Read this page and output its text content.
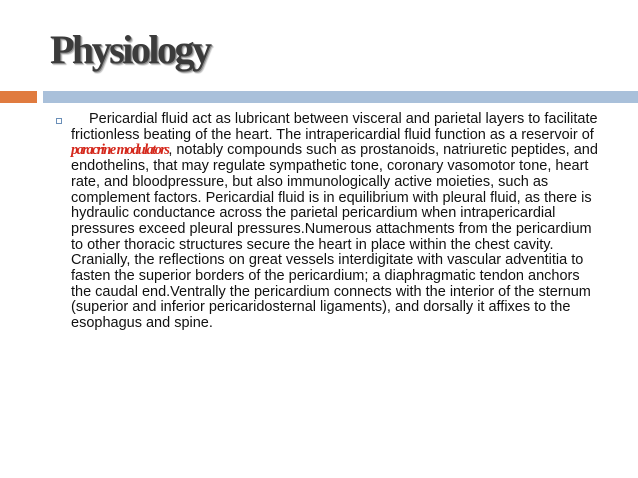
Physiology

Pericardial fluid act as lubricant between visceral and parietal layers to facilitate frictionless beating of the heart. The intrapericardial fluid function as a reservoir of paracrine modulators, notably compounds such as prostanoids, natriuretic peptides, and endothelins, that may regulate sympathetic tone, coronary vasomotor tone, heart rate, and bloodpressure, but also immunologically active moieties, such as complement factors. Pericardial fluid is in equilibrium with pleural fluid, as there is hydraulic conductance across the parietal pericardium when intrapericardial pressures exceed pleural pressures.Numerous attachments from the pericardium to other thoracic structures secure the heart in place within the chest cavity. Cranially, the reflections on great vessels interdigitate with vascular adventitia to fasten the superior borders of the pericardium; a diaphragmatic tendon anchors the caudal end.Ventrally the pericardium connects with the interior of the sternum (superior and inferior pericaridosternal ligaments), and dorsally it affixes to the esophagus and spine.
